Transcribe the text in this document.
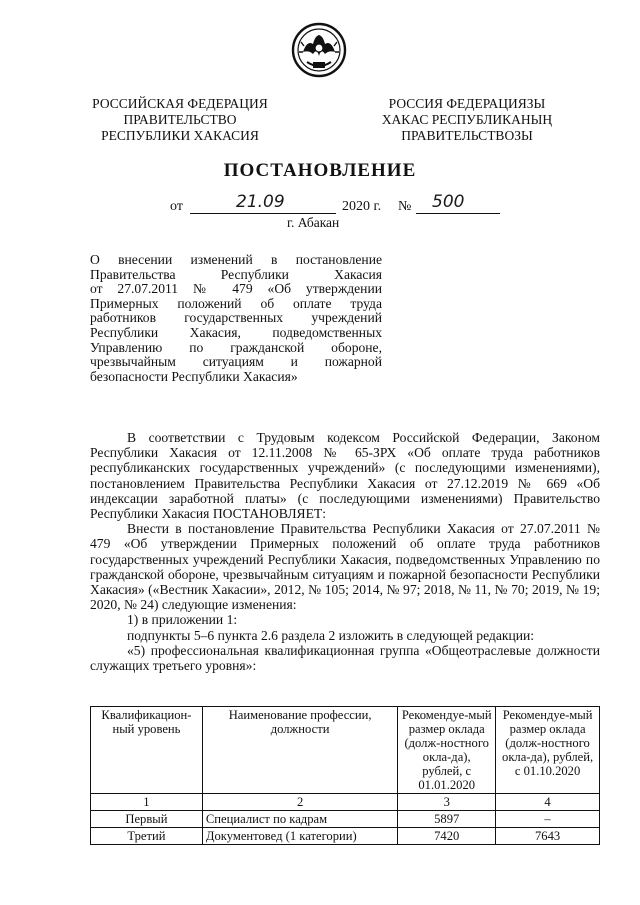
РОССИЙСКАЯ ФЕДЕРАЦИЯ
ПРАВИТЕЛЬСТВО
РЕСПУБЛИКИ ХАКАСИЯ
РОССИЯ ФЕДЕРАЦИЯЗЫ
ХАКАС РЕСПУБЛИКАНЫҢ
ПРАВИТЕЛЬСТВОЗЫ
ПОСТАНОВЛЕНИЕ
от	21.09	2020 г. № 500
г. Абакан
О внесении изменений в постановление
Правительства Республики Хакасия
от 27.07.2011 № 479 «Об утверждении
Примерных положений об оплате труда
работников государственных учреждений
Республики Хакасия, подведомственных
Управлению по гражданской обороне,
чрезвычайным ситуациям и пожарной
безопасности Республики Хакасия»

В соответствии с Трудовым кодексом Российской Федерации, Законом Республики Хакасия от 12.11.2008 № 65-ЗРХ «Об оплате труда работников республиканских государственных учреждений» (с последующими изменениями), постановлением Правительства Республики Хакасия от 27.12.2019 № 669 «Об индексации заработной платы» (с последующими изменениями) Правительство Республики Хакасия ПОСТАНОВЛЯЕТ:

Внести в постановление Правительства Республики Хакасия от 27.07.2011 № 479 «Об утверждении Примерных положений об оплате труда работников государственных учреждений Республики Хакасия, подведомственных Управлению по гражданской обороне, чрезвычайным ситуациям и пожарной безопасности Республики Хакасия» («Вестник Хакасии», 2012, № 105; 2014, № 97; 2018, № 11, № 70; 2019, № 19; 2020, № 24) следующие изменения:

1) в приложении 1:

подпункты 5–6 пункта 2.6 раздела 2 изложить в следующей редакции:

«5) профессиональная квалификационная группа «Общеотраслевые должности служащих третьего уровня»:

Квалификацион-ный уровень	Наименование профессии, должности	Рекомендуе-мый размер оклада (долж-ностного окла-да), рублей, с 01.01.2020	Рекомендуе-мый размер оклада (долж-ностного окла-да), рублей, с 01.10.2020
1	2	3	4
Первый	Специалист по кадрам	5897	–
Третий	Документовед (1 категории)	7420	7643
